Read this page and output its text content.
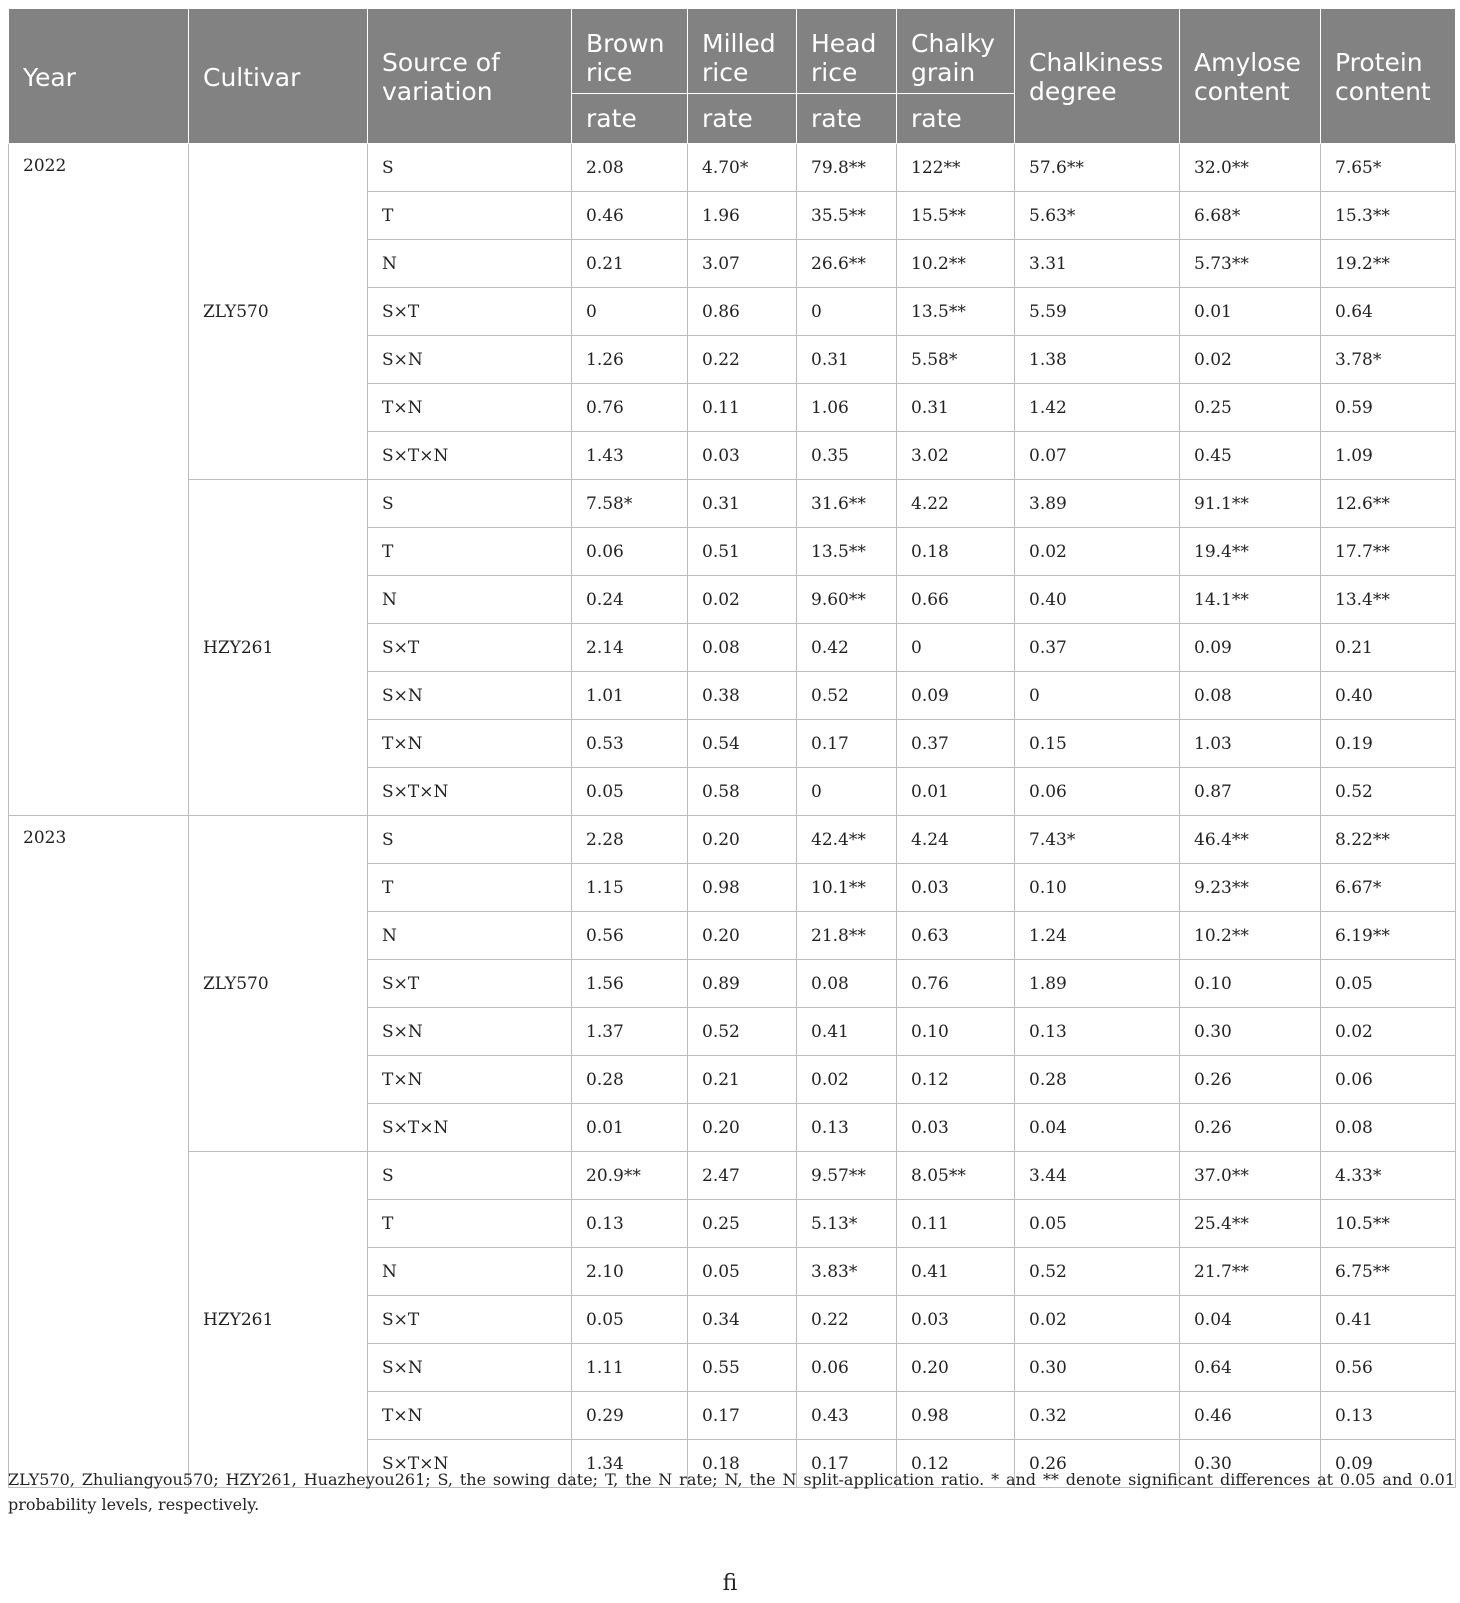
Year	Cultivar	Source of variation	Brown rice	Milled rice	Head rice	Chalky grain	Chalkiness degree	Amylose content	Protein content
			rate	rate	rate	rate			
2022	ZLY570	S	2.08	4.70*	79.8**	122**	57.6**	32.0**	7.65*
		T	0.46	1.96	35.5**	15.5**	5.63*	6.68*	15.3**
		N	0.21	3.07	26.6**	10.2**	3.31	5.73**	19.2**
		S×T	0	0.86	0	13.5**	5.59	0.01	0.64
		S×N	1.26	0.22	0.31	5.58*	1.38	0.02	3.78*
		T×N	0.76	0.11	1.06	0.31	1.42	0.25	0.59
		S×T×N	1.43	0.03	0.35	3.02	0.07	0.45	1.09
	HZY261	S	7.58*	0.31	31.6**	4.22	3.89	91.1**	12.6**
		T	0.06	0.51	13.5**	0.18	0.02	19.4**	17.7**
		N	0.24	0.02	9.60**	0.66	0.40	14.1**	13.4**
		S×T	2.14	0.08	0.42	0	0.37	0.09	0.21
		S×N	1.01	0.38	0.52	0.09	0	0.08	0.40
		T×N	0.53	0.54	0.17	0.37	0.15	1.03	0.19
		S×T×N	0.05	0.58	0	0.01	0.06	0.87	0.52
2023	ZLY570	S	2.28	0.20	42.4**	4.24	7.43*	46.4**	8.22**
		T	1.15	0.98	10.1**	0.03	0.10	9.23**	6.67*
		N	0.56	0.20	21.8**	0.63	1.24	10.2**	6.19**
		S×T	1.56	0.89	0.08	0.76	1.89	0.10	0.05
		S×N	1.37	0.52	0.41	0.10	0.13	0.30	0.02
		T×N	0.28	0.21	0.02	0.12	0.28	0.26	0.06
		S×T×N	0.01	0.20	0.13	0.03	0.04	0.26	0.08
	HZY261	S	20.9**	2.47	9.57**	8.05**	3.44	37.0**	4.33*
		T	0.13	0.25	5.13*	0.11	0.05	25.4**	10.5**
		N	2.10	0.05	3.83*	0.41	0.52	21.7**	6.75**
		S×T	0.05	0.34	0.22	0.03	0.02	0.04	0.41
		S×N	1.11	0.55	0.06	0.20	0.30	0.64	0.56
		T×N	0.29	0.17	0.43	0.98	0.32	0.46	0.13
		S×T×N	1.34	0.18	0.17	0.12	0.26	0.30	0.09
ZLY570, Zhuliangyou570; HZY261, Huazheyou261; S, the sowing date; T, the N rate; N, the N split-application ratio. * and ** denote significant differences at 0.05 and 0.01 probability levels, respectively.
ﬁ
